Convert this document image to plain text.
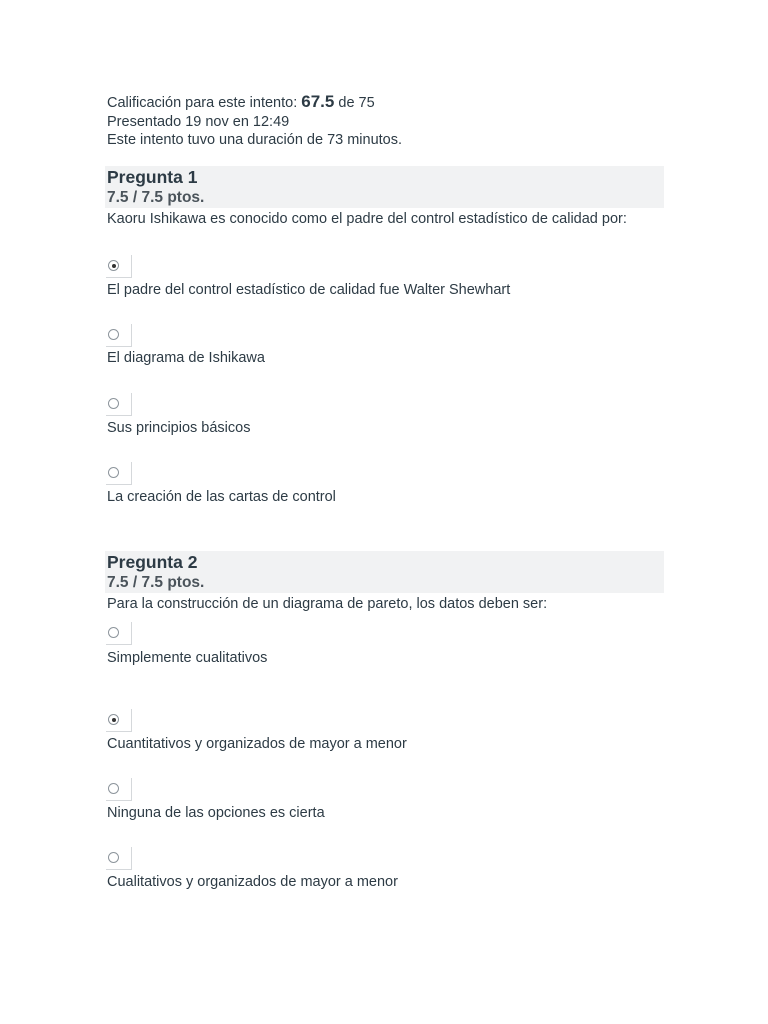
Calificación para este intento: 67.5 de 75
Presentado 19 nov en 12:49
Este intento tuvo una duración de 73 minutos.
Pregunta 1
7.5 / 7.5 ptos.
Kaoru Ishikawa es conocido como el padre del control estadístico de calidad por:
El padre del control estadístico de calidad fue Walter Shewhart
El diagrama de Ishikawa
Sus principios básicos
La creación de las cartas de control
Pregunta 2
7.5 / 7.5 ptos.
Para la construcción de un diagrama de pareto, los datos deben ser:
Simplemente cualitativos
Cuantitativos y organizados de mayor a menor
Ninguna de las opciones es cierta
Cualitativos y organizados de mayor a menor
